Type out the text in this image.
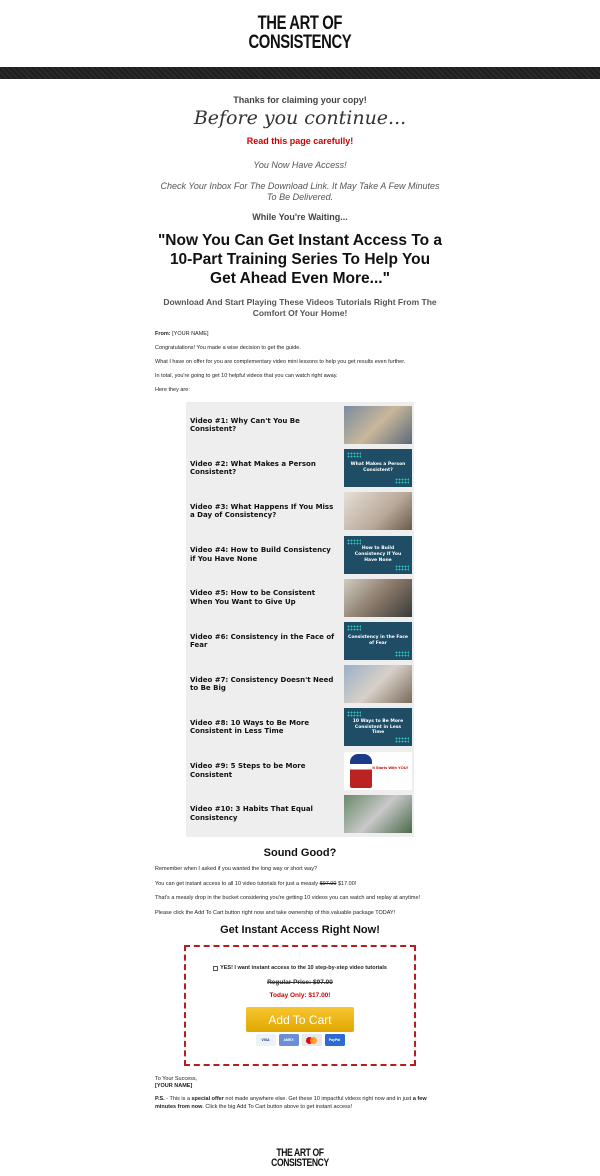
THE ART OF
CONSISTENCY
Thanks for claiming your copy!
Before you continue...
Read this page carefully!
You Now Have Access!
Check Your Inbox For The Download Link. It May Take A Few Minutes To Be Delivered.
While You're Waiting...
"Now You Can Get Instant Access To a 10-Part Training Series To Help You Get Ahead Even More..."
Download And Start Playing These Videos Tutorials Right From The Comfort Of Your Home!

From: [YOUR NAME]

Congratulations! You made a wise decision to get the guide.

What I have on offer for you are complementary video mini lessons to help you get results even further.

In total, you're going to get 10 helpful videos that you can watch right away.

Here they are:

Video #1: Why Can't You Be Consistent?
Video #2: What Makes a Person Consistent?
What Makes a Person Consistent?
Video #3: What Happens If You Miss a Day of Consistency?
Video #4: How to Build Consistency if You Have None
How to Build Consistency If You Have None
Video #5: How to be Consistent When You Want to Give Up
Video #6: Consistency in the Face of Fear
Consistency in the Face of Fear
Video #7: Consistency Doesn't Need to Be Big
Video #8: 10 Ways to Be More Consistent in Less Time
10 Ways to Be More Consistent in Less Time
Video #9: 5 Steps to be More Consistent
It Starts With YOU!
Video #10: 3 Habits That Equal Consistency
Sound Good?

Remember when I asked if you wanted the long way or short way?

You can get instant access to all 10 video tutorials for just a measly $97.00 $17.00!

That's a measly drop in the bucket considering you're getting 10 videos you can watch and replay at anytime!

Please click the Add To Cart button right now and take ownership of this valuable package TODAY!

Get Instant Access Right Now!
YES! I want instant access to the 10 step-by-step video tutorials
Regular Price: $97.00
Today Only: $17.00!
Add To Cart
VISA	AMEX	PayPal
To Your Success,
[YOUR NAME]
P.S. - This is a special offer not made anywhere else. Get these 10 impactful videos right now and in just a few minutes from now. Click the big Add To Cart button above to get instant access!
THE ART OF
CONSISTENCY
